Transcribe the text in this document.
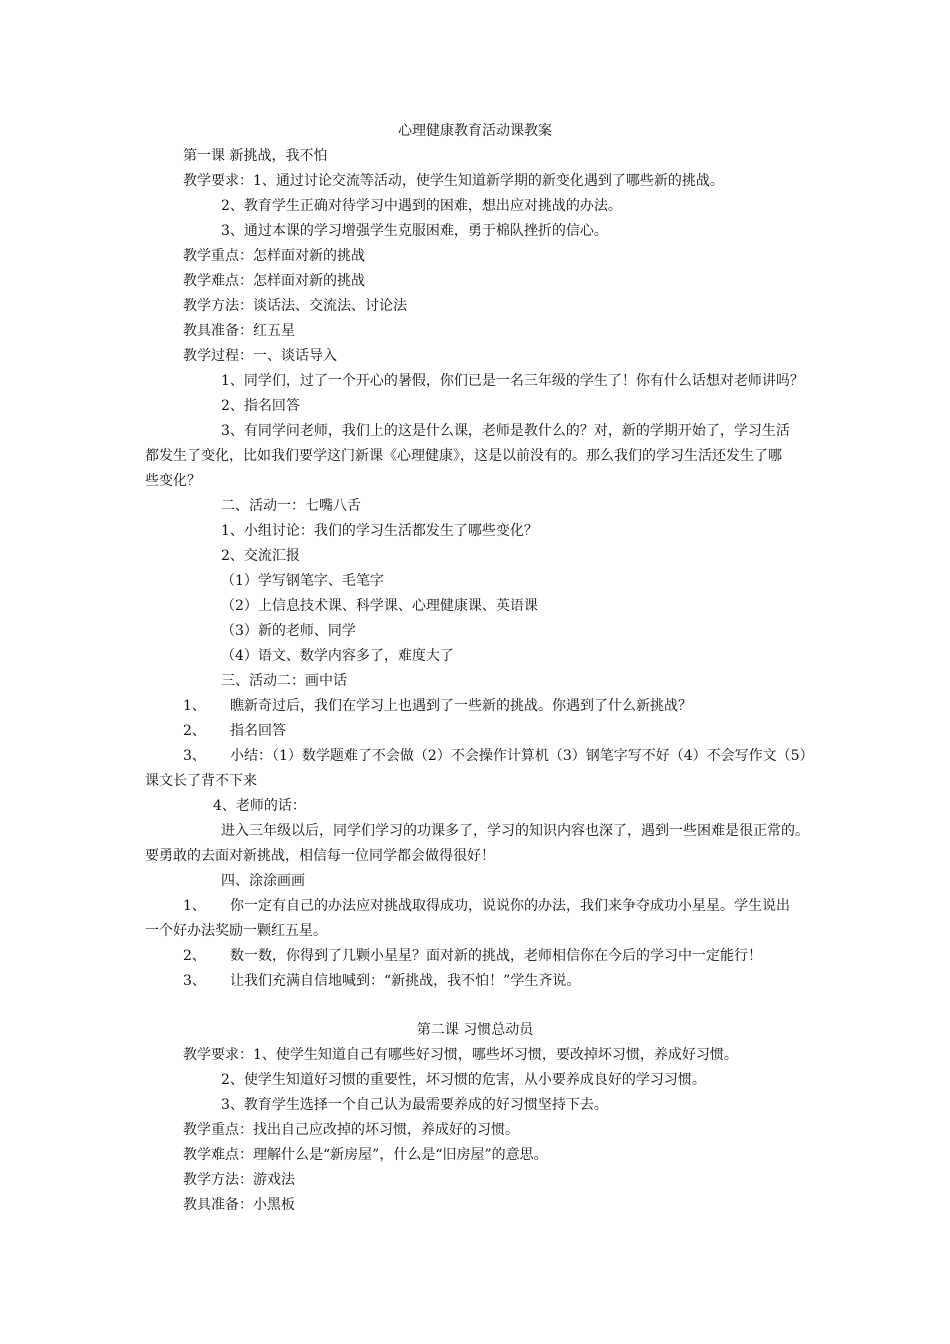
心理健康教育活动课教案
第一课 新挑战，我不怕
教学要求：1、通过讨论交流等活动，使学生知道新学期的新变化遇到了哪些新的挑战。
2、教育学生正确对待学习中遇到的困难，想出应对挑战的办法。
3、通过本课的学习增强学生克服困难，勇于棉队挫折的信心。
教学重点：怎样面对新的挑战
教学难点：怎样面对新的挑战
教学方法：谈话法、交流法、讨论法
教具准备：红五星
教学过程：一、谈话导入
1、同学们，过了一个开心的暑假，你们已是一名三年级的学生了！你有什么话想对老师讲吗？
2、指名回答
3、有同学问老师，我们上的这是什么课，老师是教什么的？对，新的学期开始了，学习生活
都发生了变化，比如我们要学这门新课《心理健康》，这是以前没有的。那么我们的学习生活还发生了哪
些变化？
二、活动一：七嘴八舌
1、小组讨论：我们的学习生活都发生了哪些变化？
2、交流汇报
（1）学写钢笔字、毛笔字
（2）上信息技术课、科学课、心理健康课、英语课
（3）新的老师、同学
（4）语文、数学内容多了，难度大了
三、活动二：画中话
1、 瞧新奇过后，我们在学习上也遇到了一些新的挑战。你遇到了什么新挑战？
2、 指名回答
3、 小结：（1）数学题难了不会做（2）不会操作计算机（3）钢笔字写不好（4）不会写作文（5）
课文长了背不下来
4、老师的话：
进入三年级以后，同学们学习的功课多了，学习的知识内容也深了，遇到一些困难是很正常的。
要勇敢的去面对新挑战，相信每一位同学都会做得很好！
四、涂涂画画
1、 你一定有自己的办法应对挑战取得成功，说说你的办法，我们来争夺成功小星星。学生说出
一个好办法奖励一颗红五星。
2、 数一数，你得到了几颗小星星？面对新的挑战，老师相信你在今后的学习中一定能行！
3、 让我们充满自信地喊到：“新挑战，我不怕！”学生齐说。
第二课 习惯总动员
教学要求：1、使学生知道自己有哪些好习惯，哪些坏习惯，要改掉坏习惯，养成好习惯。
2、使学生知道好习惯的重要性，坏习惯的危害，从小要养成良好的学习习惯。
3、教育学生选择一个自己认为最需要养成的好习惯坚持下去。
教学重点：找出自己应改掉的坏习惯，养成好的习惯。
教学难点：理解什么是“新房屋”，什么是“旧房屋”的意思。
教学方法：游戏法
教具准备：小黑板
